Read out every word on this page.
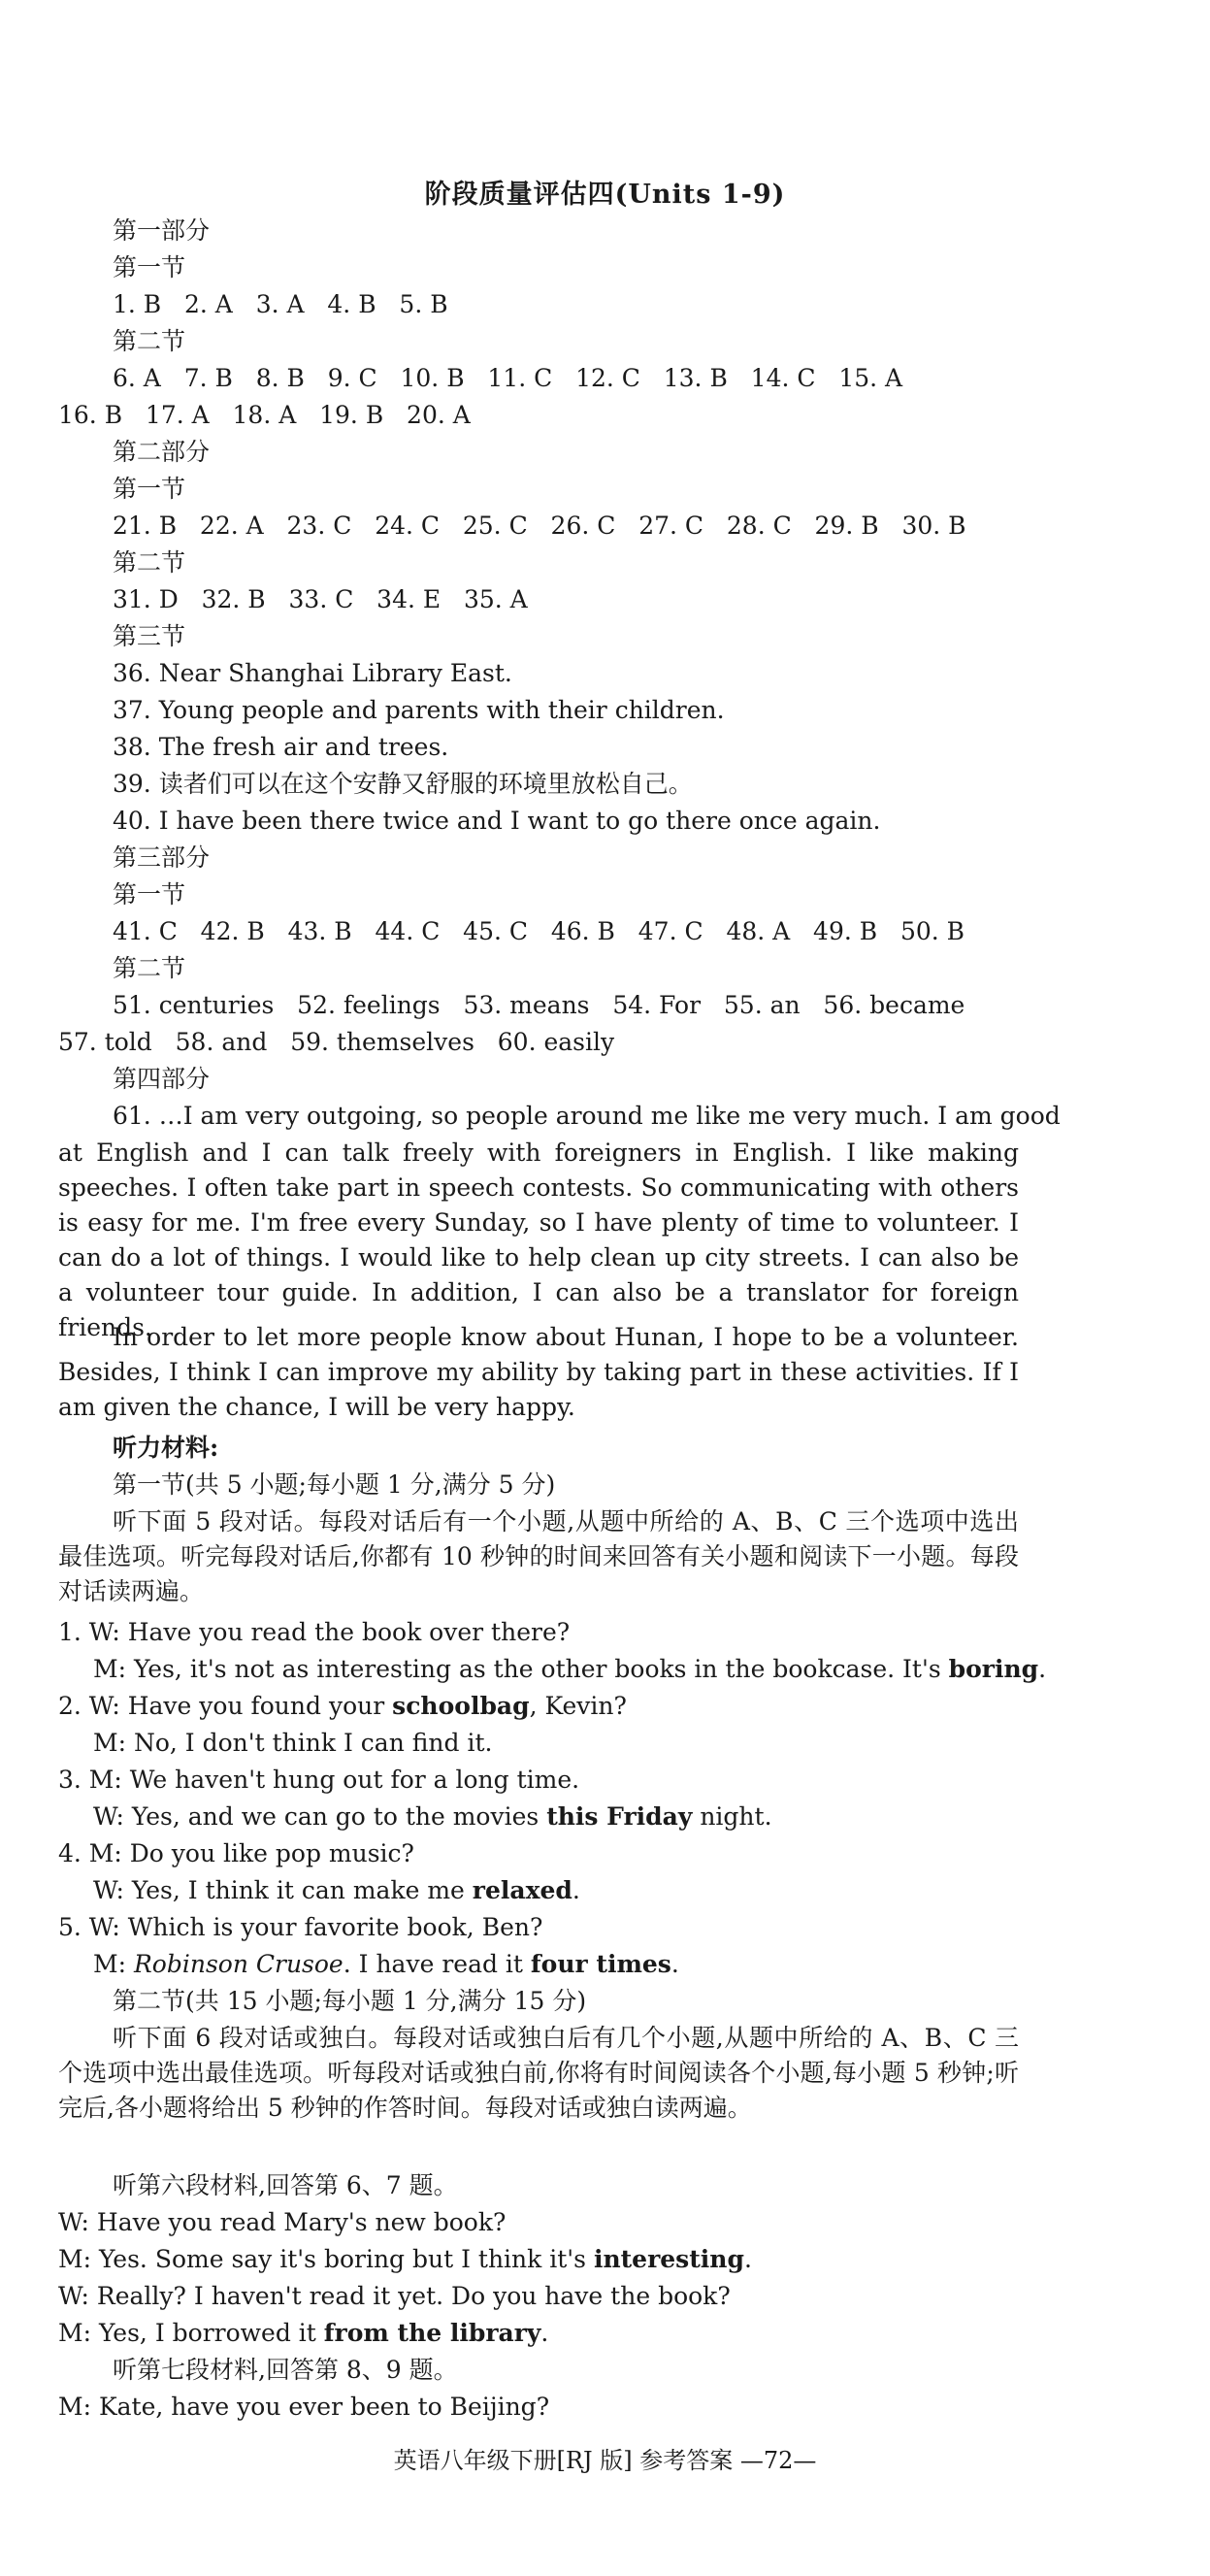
阶段质量评估四(Units 1-9)
第一部分
第一节
1. B   2. A   3. A   4. B   5. B
第二节
6. A   7. B   8. B   9. C   10. B   11. C   12. C   13. B   14. C   15. A
16. B   17. A   18. A   19. B   20. A
第二部分
第一节
21. B   22. A   23. C   24. C   25. C   26. C   27. C   28. C   29. B   30. B
第二节
31. D   32. B   33. C   34. E   35. A
第三节
36. Near Shanghai Library East.
37. Young people and parents with their children.
38. The fresh air and trees.
39. 读者们可以在这个安静又舒服的环境里放松自己。
40. I have been there twice and I want to go there once again.
第三部分
第一节
41. C   42. B   43. B   44. C   45. C   46. B   47. C   48. A   49. B   50. B
第二节
51. centuries   52. feelings   53. means   54. For   55. an   56. became
57. told   58. and   59. themselves   60. easily
第四部分
61. …I am very outgoing, so people around me like me very much. I am good
at English and I can talk freely with foreigners in English. I like making speeches. I often take part in speech contests. So communicating with others is easy for me. I'm free every Sunday, so I have plenty of time to volunteer. I can do a lot of things. I would like to help clean up city streets. I can also be a volunteer tour guide. In addition, I can also be a translator for foreign friends.
In order to let more people know about Hunan, I hope to be a volunteer. Besides, I think I can improve my ability by taking part in these activities. If I am given the chance, I will be very happy.
听力材料:
第一节(共 5 小题;每小题 1 分,满分 5 分)
听下面 5 段对话。每段对话后有一个小题,从题中所给的 A、B、C 三个选项中选出最佳选项。听完每段对话后,你都有 10 秒钟的时间来回答有关小题和阅读下一小题。每段对话读两遍。
1. W: Have you read the book over there?
M: Yes, it's not as interesting as the other books in the bookcase. It's boring.
2. W: Have you found your schoolbag, Kevin?
M: No, I don't think I can find it.
3. M: We haven't hung out for a long time.
W: Yes, and we can go to the movies this Friday night.
4. M: Do you like pop music?
W: Yes, I think it can make me relaxed.
5. W: Which is your favorite book, Ben?
M: Robinson Crusoe. I have read it four times.
第二节(共 15 小题;每小题 1 分,满分 15 分)
听下面 6 段对话或独白。每段对话或独白后有几个小题,从题中所给的 A、B、C 三个选项中选出最佳选项。听每段对话或独白前,你将有时间阅读各个小题,每小题 5 秒钟;听完后,各小题将给出 5 秒钟的作答时间。每段对话或独白读两遍。
听第六段材料,回答第 6、7 题。
W: Have you read Mary's new book?
M: Yes. Some say it's boring but I think it's interesting.
W: Really? I haven't read it yet. Do you have the book?
M: Yes, I borrowed it from the library.
听第七段材料,回答第 8、9 题。
M: Kate, have you ever been to Beijing?
英语八年级下册[RJ 版] 参考答案 —72—
